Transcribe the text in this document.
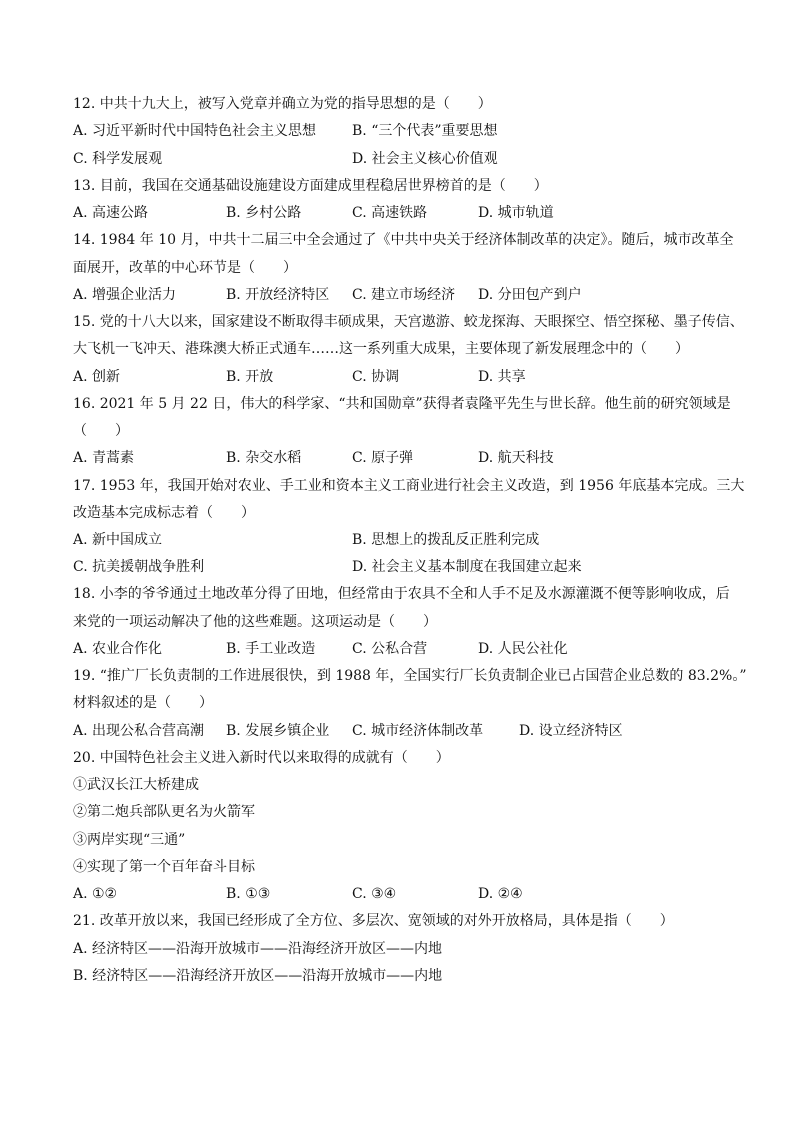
12. 中共十九大上，被写入党章并确立为党的指导思想的是（　　）
A. 习近平新时代中国特色社会主义思想	B. “三个代表”重要思想
C. 科学发展观	D. 社会主义核心价值观
13. 目前，我国在交通基础设施建设方面建成里程稳居世界榜首的是（　　）
A. 高速公路	B. 乡村公路	C. 高速铁路	D. 城市轨道
14. 1984 年 10 月，中共十二届三中全会通过了《中共中央关于经济体制改革的决定》。随后，城市改革全
面展开，改革的中心环节是（　　）
A. 增强企业活力	B. 开放经济特区 C. 建立市场经济 D. 分田包产到户
15. 党的十八大以来，国家建设不断取得丰硕成果，天宫遨游、蛟龙探海、天眼探空、悟空探秘、墨子传信、
大飞机一飞冲天、港珠澳大桥正式通车……这一系列重大成果，主要体现了新发展理念中的（　　）
A. 创新	B. 开放	C. 协调	D. 共享
16. 2021 年 5 月 22 日，伟大的科学家、“共和国勋章”获得者袁隆平先生与世长辞。他生前的研究领域是
（　　）
A. 青蒿素	B. 杂交水稻	C. 原子弹	D. 航天科技
17. 1953 年，我国开始对农业、手工业和资本主义工商业进行社会主义改造，到 1956 年底基本完成。三大
改造基本完成标志着（　　）
A. 新中国成立	B. 思想上的拨乱反正胜利完成
C. 抗美援朝战争胜利	D. 社会主义基本制度在我国建立起来
18. 小李的爷爷通过土地改革分得了田地，但经常由于农具不全和人手不足及水源灌溉不便等影响收成，后
来党的一项运动解决了他的这些难题。这项运动是（　　）
A. 农业合作化	B. 手工业改造	C. 公私合营	D. 人民公社化
19. “推广厂长负责制的工作进展很快，到 1988 年，全国实行厂长负责制企业已占国营企业总数的 83.2%。”
材料叙述的是（　　）
A. 出现公私合营高潮 B. 发展乡镇企业 C. 城市经济体制改革	D. 设立经济特区
20. 中国特色社会主义进入新时代以来取得的成就有（　　）
①武汉长江大桥建成
②第二炮兵部队更名为火箭军
③两岸实现“三通”
④实现了第一个百年奋斗目标
A. ①②	B. ①③	C. ③④	D. ②④
21. 改革开放以来，我国已经形成了全方位、多层次、宽领域的对外开放格局，具体是指（　　）
A. 经济特区——沿海开放城市——沿海经济开放区——内地
B. 经济特区——沿海经济开放区——沿海开放城市——内地
